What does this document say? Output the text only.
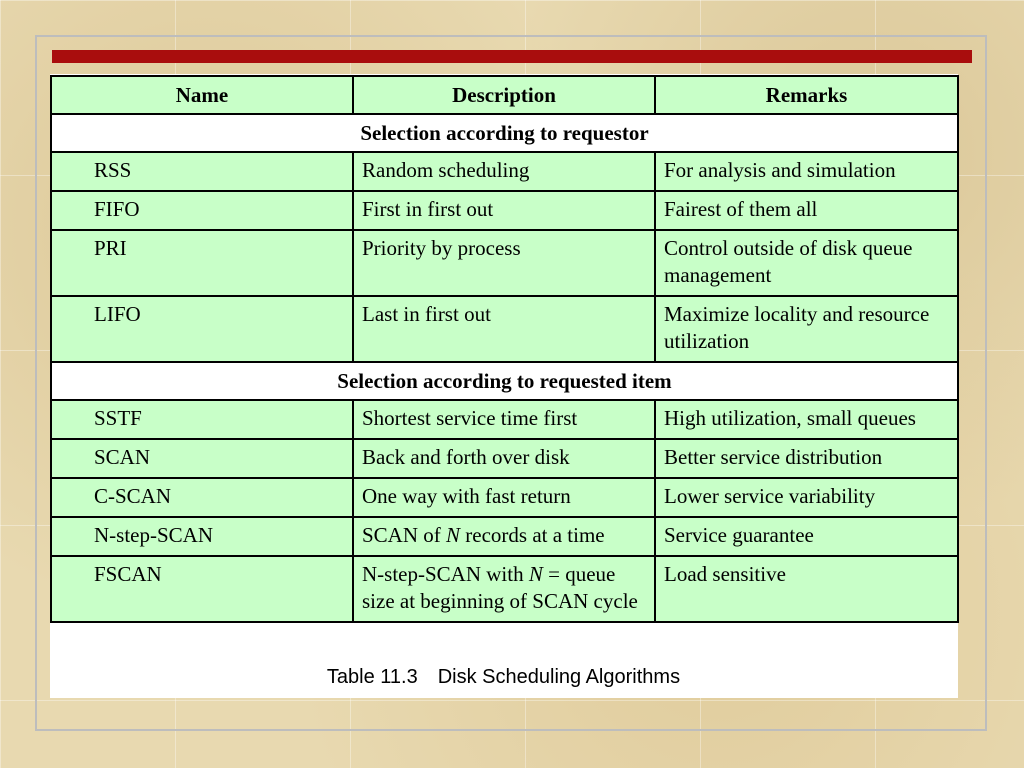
Name	Description	Remarks
Selection according to requestor		
RSS	Random scheduling	For analysis and simulation
FIFO	First in first out	Fairest of them all
PRI	Priority by process	Control outside of disk queue management
LIFO	Last in first out	Maximize locality and resource utilization
Selection according to requested item		
SSTF	Shortest service time first	High utilization, small queues
SCAN	Back and forth over disk	Better service distribution
C-SCAN	One way with fast return	Lower service variability
N-step-SCAN	SCAN of N records at a time	Service guarantee
FSCAN	N-step-SCAN with N = queue size at beginning of SCAN cycle	Load sensitive
Table 11.3 Disk Scheduling Algorithms
